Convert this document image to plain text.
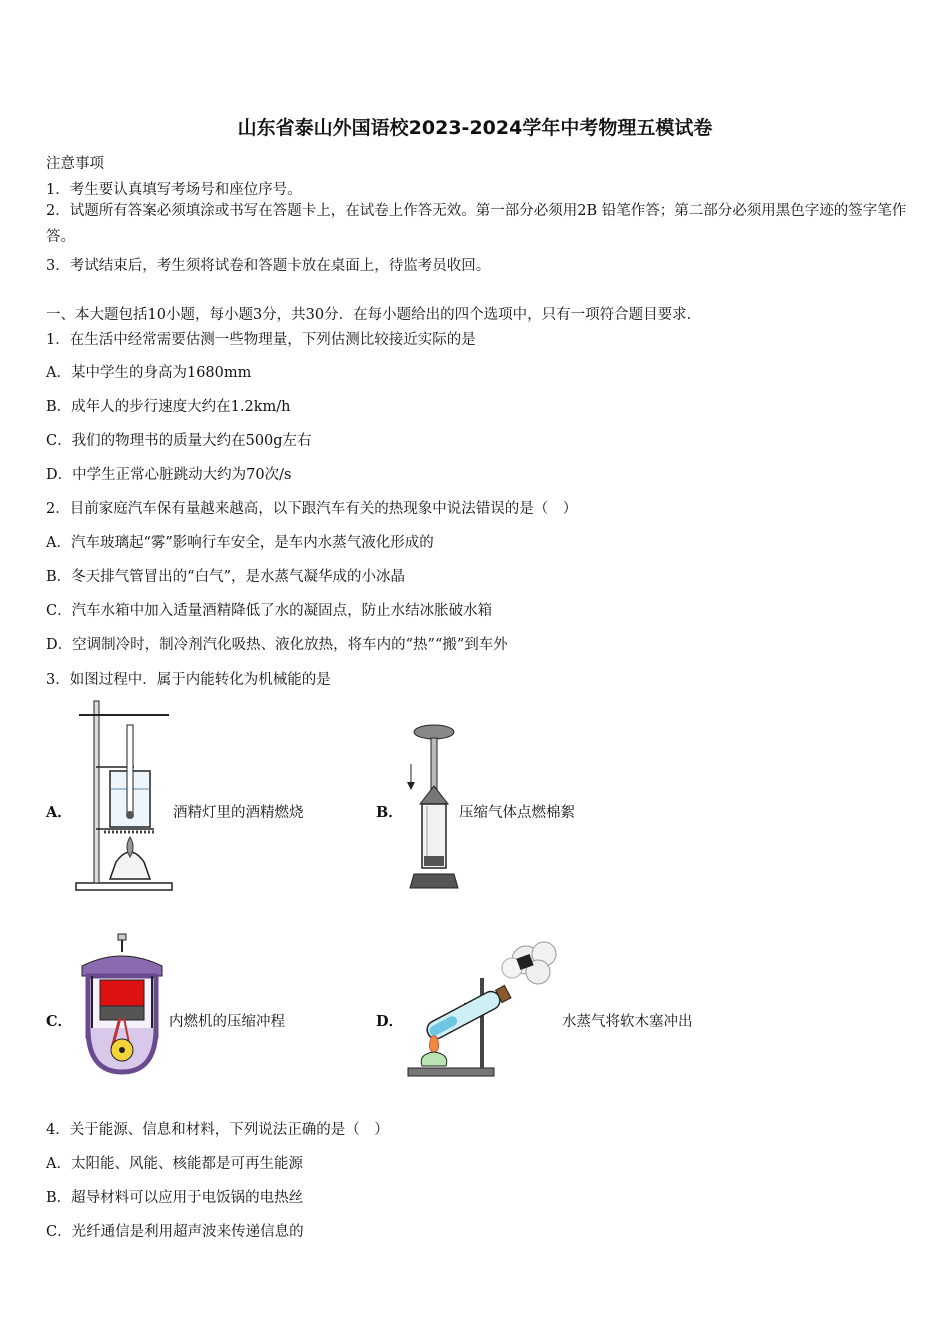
山东省泰山外国语校2023-2024学年中考物理五模试卷
注意事项
1．考生要认真填写考场号和座位序号。
2．试题所有答案必须填涂或书写在答题卡上，在试卷上作答无效。第一部分必须用2B 铅笔作答；第二部分必须用黑色字迹的签字笔作答。
3．考试结束后，考生须将试卷和答题卡放在桌面上，待监考员收回。
一、本大题包括10小题，每小题3分，共30分．在每小题给出的四个选项中，只有一项符合题目要求．
1．在生活中经常需要估测一些物理量，下列估测比较接近实际的是
A．某中学生的身高为1680mm
B．成年人的步行速度大约在1.2km/h
C．我们的物理书的质量大约在500g左右
D．中学生正常心脏跳动大约为70次/s
2．目前家庭汽车保有量越来越高，以下跟汽车有关的热现象中说法错误的是（　）
A．汽车玻璃起“雾”影响行车安全，是车内水蒸气液化形成的
B．冬天排气管冒出的“白气”，是水蒸气凝华成的小冰晶
C．汽车水箱中加入适量酒精降低了水的凝固点，防止水结冰胀破水箱
D．空调制冷时，制冷剂汽化吸热、液化放热，将车内的“热”“搬”到车外
3．如图过程中．属于内能转化为机械能的是
A．	酒精灯里的酒精燃烧	B．	压缩气体点燃棉絮
C．	内燃机的压缩冲程	D．	水蒸气将软木塞冲出
4．关于能源、信息和材料，下列说法正确的是（　）
A．太阳能、风能、核能都是可再生能源
B．超导材料可以应用于电饭锅的电热丝
C．光纤通信是利用超声波来传递信息的
